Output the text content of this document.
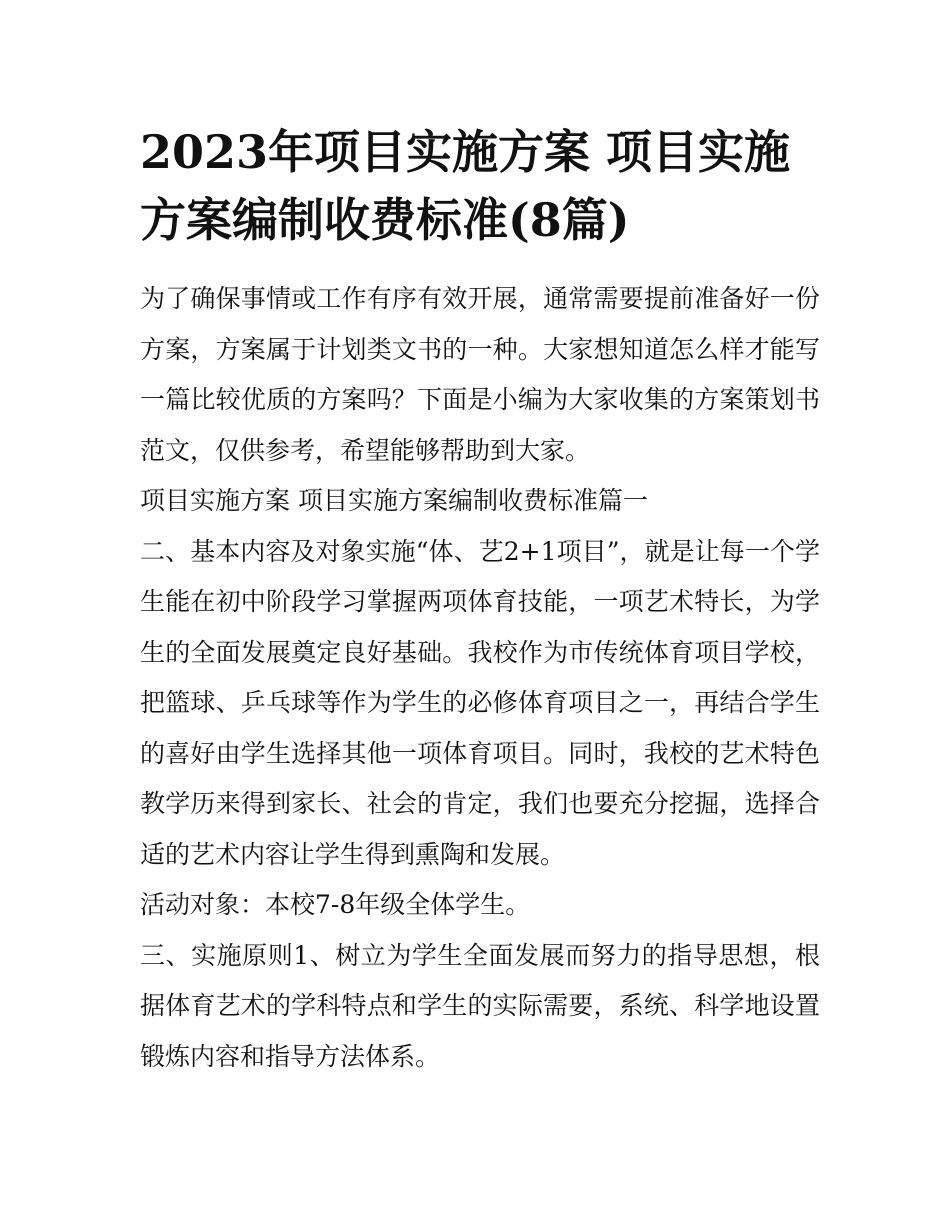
2023年项目实施方案 项目实施方案编制收费标准(8篇)

为了确保事情或工作有序有效开展，通常需要提前准备好一份方案，方案属于计划类文书的一种。大家想知道怎么样才能写一篇比较优质的方案吗？下面是小编为大家收集的方案策划书范文，仅供参考，希望能够帮助到大家。

项目实施方案 项目实施方案编制收费标准篇一

二、基本内容及对象实施“体、艺2+1项目”，就是让每一个学生能在初中阶段学习掌握两项体育技能，一项艺术特长，为学生的全面发展奠定良好基础。我校作为市传统体育项目学校，把篮球、乒乓球等作为学生的必修体育项目之一，再结合学生的喜好由学生选择其他一项体育项目。同时，我校的艺术特色教学历来得到家长、社会的肯定，我们也要充分挖掘，选择合适的艺术内容让学生得到熏陶和发展。

活动对象：本校7-8年级全体学生。

三、实施原则1、树立为学生全面发展而努力的指导思想，根据体育艺术的学科特点和学生的实际需要，系统、科学地设置锻炼内容和指导方法体系。
